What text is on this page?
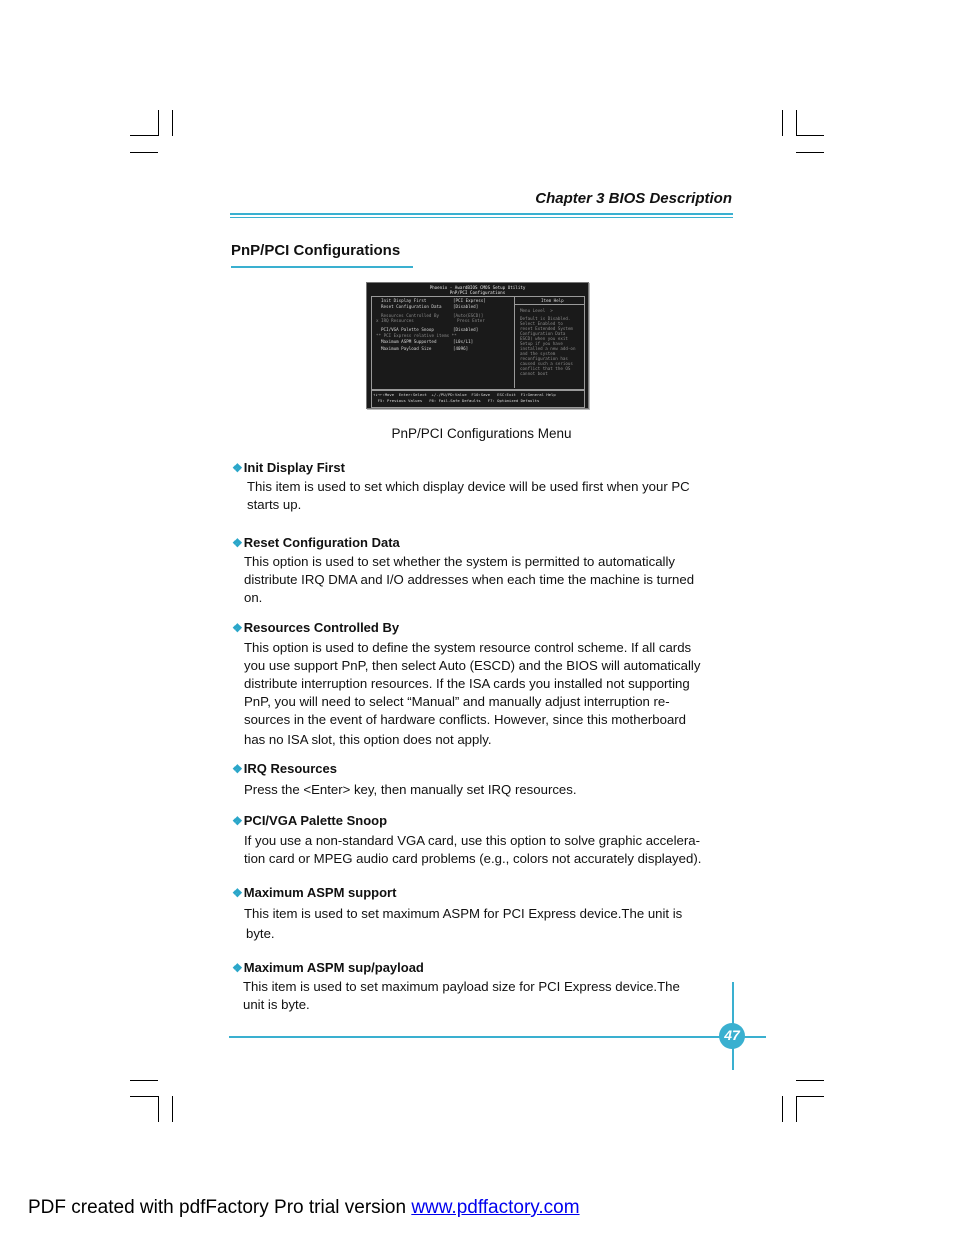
Chapter 3 BIOS Description
PnP/PCI Configurations
Phoenix - AwardBIOS CMOS Setup Utility
PnP/PCI Configurations
Init Display First	[PCI Express]
Reset Configuration Data	[Disabled]
Resources Controlled By	[Auto(ESCD)]
x IRQ Resources	Press Enter
PCI/VGA Palette Snoop	[Disabled]
** PCI Express relative items **
Maximum ASPM Supported	[L0s/L1]
Maximum Payload Size	[4096]
Item Help
Menu Level  >
Default is Disabled.
Select Enabled to
reset Extended System
Configuration Data
ESCD) when you exit
Setup if you have
installed a new add-on
and the system
reconfiguration has
caused such a serious
conflict that the OS
cannot boot
↑↓→←:Move  Enter:Select  +/-/PU/PD:Value  F10:Save   ESC:Exit  F1:General Help
F5: Previous Values   F6: Fail-Safe Defaults   F7: Optimized Defaults
PnP/PCI Configurations Menu
❖Init Display First
This item is used to set which display device will be used first when your PC
starts up.
❖Reset Configuration Data
This option is used to set whether the system is permitted to automatically
distribute IRQ DMA and I/O addresses when each time the machine is turned
on.
❖Resources Controlled By
This option is used to define the system resource control scheme. If all cards
you use support PnP, then select Auto (ESCD) and the BIOS will automatically
distribute interruption resources. If the ISA cards you installed not supporting
PnP, you will need to select “Manual” and manually adjust interruption re-
sources in the event of hardware conflicts. However, since this motherboard
has no ISA slot, this option does not apply.
❖IRQ Resources
Press the <Enter> key, then manually set IRQ resources.
❖PCI/VGA Palette Snoop
If you use a non-standard VGA card, use this option to solve graphic accelera-
tion card or MPEG audio card problems (e.g., colors not accurately displayed).
❖Maximum ASPM support
This item is used to set maximum ASPM for PCI Express device.The unit is
byte.
❖Maximum ASPM sup/payload
This item is used to set maximum payload size for PCI Express device.The
unit is byte.
47
PDF created with pdfFactory Pro trial version www.pdffactory.com
